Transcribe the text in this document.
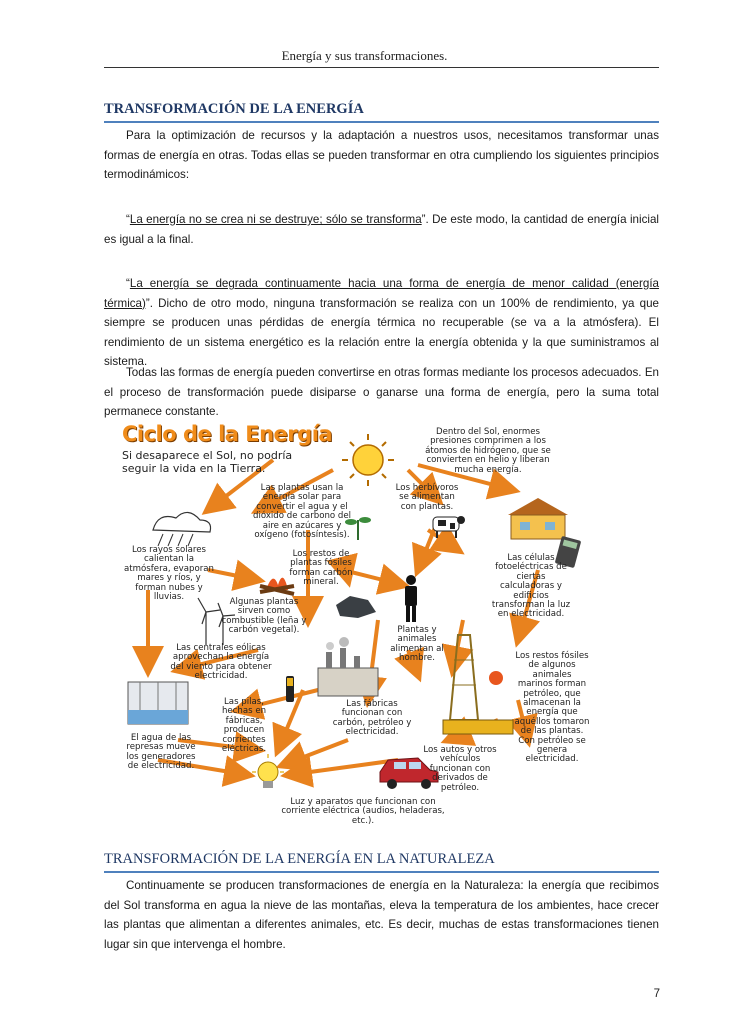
Energía y sus transformaciones.
TRANSFORMACIÓN DE LA ENERGÍA

Para la optimización de recursos y la adaptación a nuestros usos, necesitamos transformar unas formas de energía en otras. Todas ellas se pueden transformar en otra cumpliendo los siguientes principios termodinámicos:

“La energía no se crea ni se destruye; sólo se transforma”. De este modo, la cantidad de energía inicial es igual a la final.

“La energía se degrada continuamente hacia una forma de energía de menor calidad (energía térmica)”. Dicho de otro modo, ninguna transformación se realiza con un 100% de rendimiento, ya que siempre se producen unas pérdidas de energía térmica no recuperable (se va a la atmósfera). El rendimiento de un sistema energético es la relación entre la energía obtenida y la que suministramos al sistema.

Todas las formas de energía pueden convertirse en otras formas mediante los procesos adecuados. En el proceso de transformación puede disiparse o ganarse una forma de energía, pero la suma total permanece constante.

Ciclo de la Energía
Si desaparece el Sol, no podría
seguir la vida en la Tierra.
Dentro del Sol, enormes presiones comprimen a los átomos de hidrógeno, que se convierten en helio y liberan mucha energía.
Las plantas usan la energía solar para convertir el agua y el dióxido de carbono del aire en azúcares y oxígeno (fotosíntesis).
Los herbívoros se alimentan con plantas.
Los rayos solares calientan la atmósfera, evaporan mares y ríos, y forman nubes y lluvias.
Los restos de plantas fósiles forman carbón mineral.
Las células fotoeléctricas de ciertas calculadoras y edificios transforman la luz en electricidad.
Algunas plantas sirven como combustible (leña y carbón vegetal).	Plantas y animales alimentan al hombre.
Las centrales eólicas aprovechan la energía del viento para obtener electricidad.
Los restos fósiles de algunos animales marinos forman petróleo, que almacenan la energía que aquéllos tomaron de las plantas. Con petróleo se genera electricidad.
Las pilas, hechas en fábricas, producen corrientes eléctricas.
Las fábricas funcionan con carbón, petróleo y electricidad.
El agua de las represas mueve los generadores de electricidad.
Los autos y otros vehículos funcionan con derivados de petróleo.
Luz y aparatos que funcionan con corriente eléctrica (audios, heladeras, etc.).
TRANSFORMACIÓN DE LA ENERGÍA EN LA NATURALEZA

Continuamente se producen transformaciones de energía en la Naturaleza: la energía que recibimos del Sol transforma en agua la nieve de las montañas, eleva la temperatura de los ambientes, hace crecer las plantas que alimentan a diferentes animales, etc. Es decir, muchas de estas transformaciones tienen lugar sin que intervenga el hombre.

7
